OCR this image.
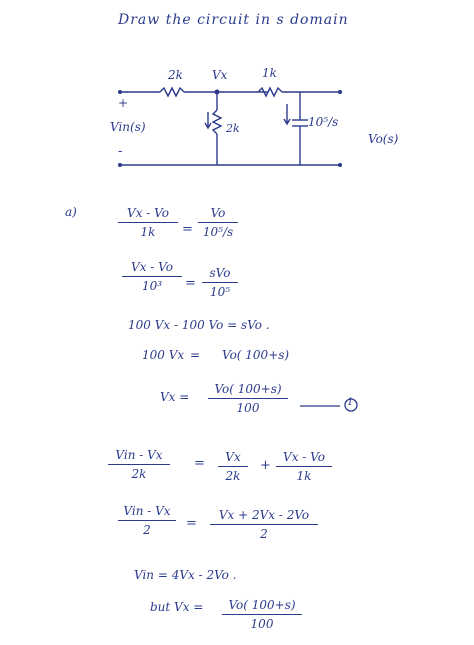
Draw the circuit in s domain
2k Vx	1k
+
Vin(s)
-
2k	10⁵/s
Vo(s)
a)	Vx - Vo
1k	=
Vo
10⁵/s
Vx - Vo
10³	=
sVo
10⁵
100 Vx - 100 Vo = sVo .
100 Vx = Vo( 100+s)
Vx =
Vo( 100+s)
100	1
Vin - Vx
2k
=	Vx
2k
+
Vx - Vo
1k
Vin - Vx
2	=
Vx + 2Vx - 2Vo
2
Vin = 4Vx - 2Vo .
but Vx =	Vo( 100+s)
100
